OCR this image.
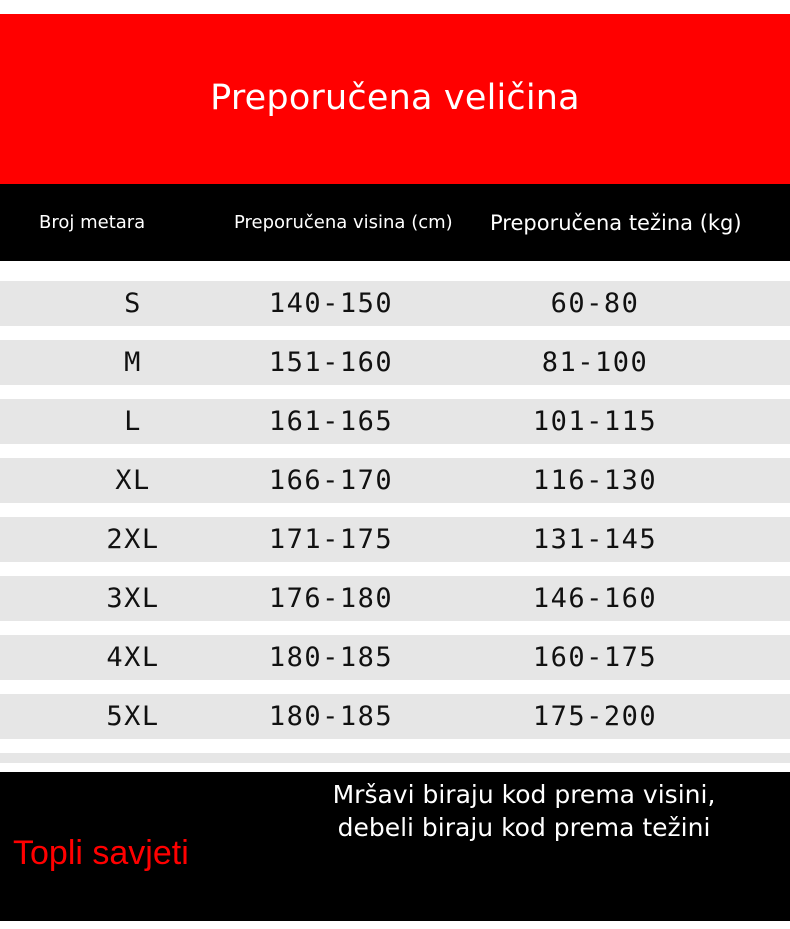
Preporučena veličina
Broj metara	Preporučena visina (cm) Preporučena težina (kg)
S	140-150	60-80
M	151-160	81-100
L	161-165	101-115
XL	166-170	116-130
2XL	171-175	131-145
3XL	176-180	146-160
4XL	180-185	160-175
5XL	180-185	175-200
Mršavi biraju kod prema visini,
debeli biraju kod prema težini
Topli savjeti
